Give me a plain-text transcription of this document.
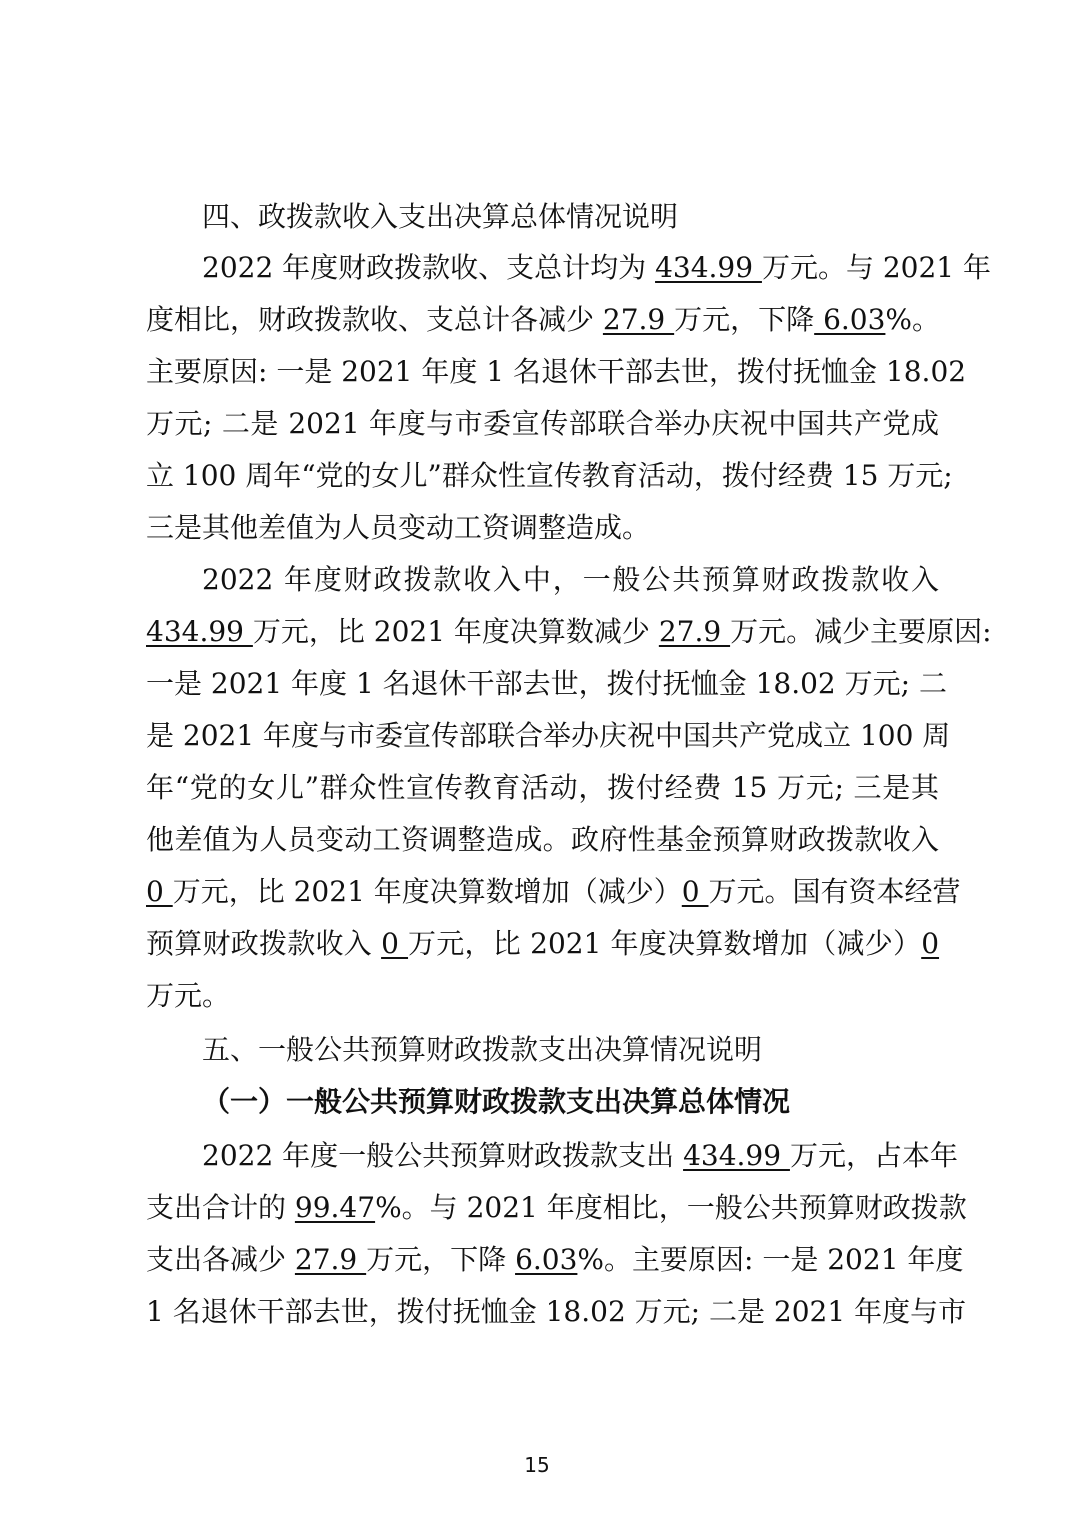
四、政拨款收入支出决算总体情况说明
2022 年度财政拨款收、支总计均为 434.99 万元。与 2021 年
度相比，财政拨款收、支总计各减少 27.9 万元，下降 6.03%。
主要原因: 一是 2021 年度 1 名退休干部去世，拨付抚恤金 18.02
万元; 二是 2021 年度与市委宣传部联合举办庆祝中国共产党成
立 100 周年“党的女儿”群众性宣传教育活动，拨付经费 15 万元;
三是其他差值为人员变动工资调整造成。
2022 年度财政拨款收入中，一般公共预算财政拨款收入
434.99 万元，比 2021 年度决算数减少 27.9 万元。减少主要原因:
一是 2021 年度 1 名退休干部去世，拨付抚恤金 18.02 万元; 二
是 2021 年度与市委宣传部联合举办庆祝中国共产党成立 100 周
年“党的女儿”群众性宣传教育活动，拨付经费 15 万元; 三是其
他差值为人员变动工资调整造成。政府性基金预算财政拨款收入
0 万元，比 2021 年度决算数增加（减少）0 万元。国有资本经营
预算财政拨款收入 0 万元，比 2021 年度决算数增加（减少）0
万元。
五、一般公共预算财政拨款支出决算情况说明
（一）一般公共预算财政拨款支出决算总体情况
2022 年度一般公共预算财政拨款支出 434.99 万元，占本年
支出合计的 99.47%。与 2021 年度相比，一般公共预算财政拨款
支出各减少 27.9 万元，下降 6.03%。主要原因: 一是 2021 年度
1 名退休干部去世，拨付抚恤金 18.02 万元; 二是 2021 年度与市
15
